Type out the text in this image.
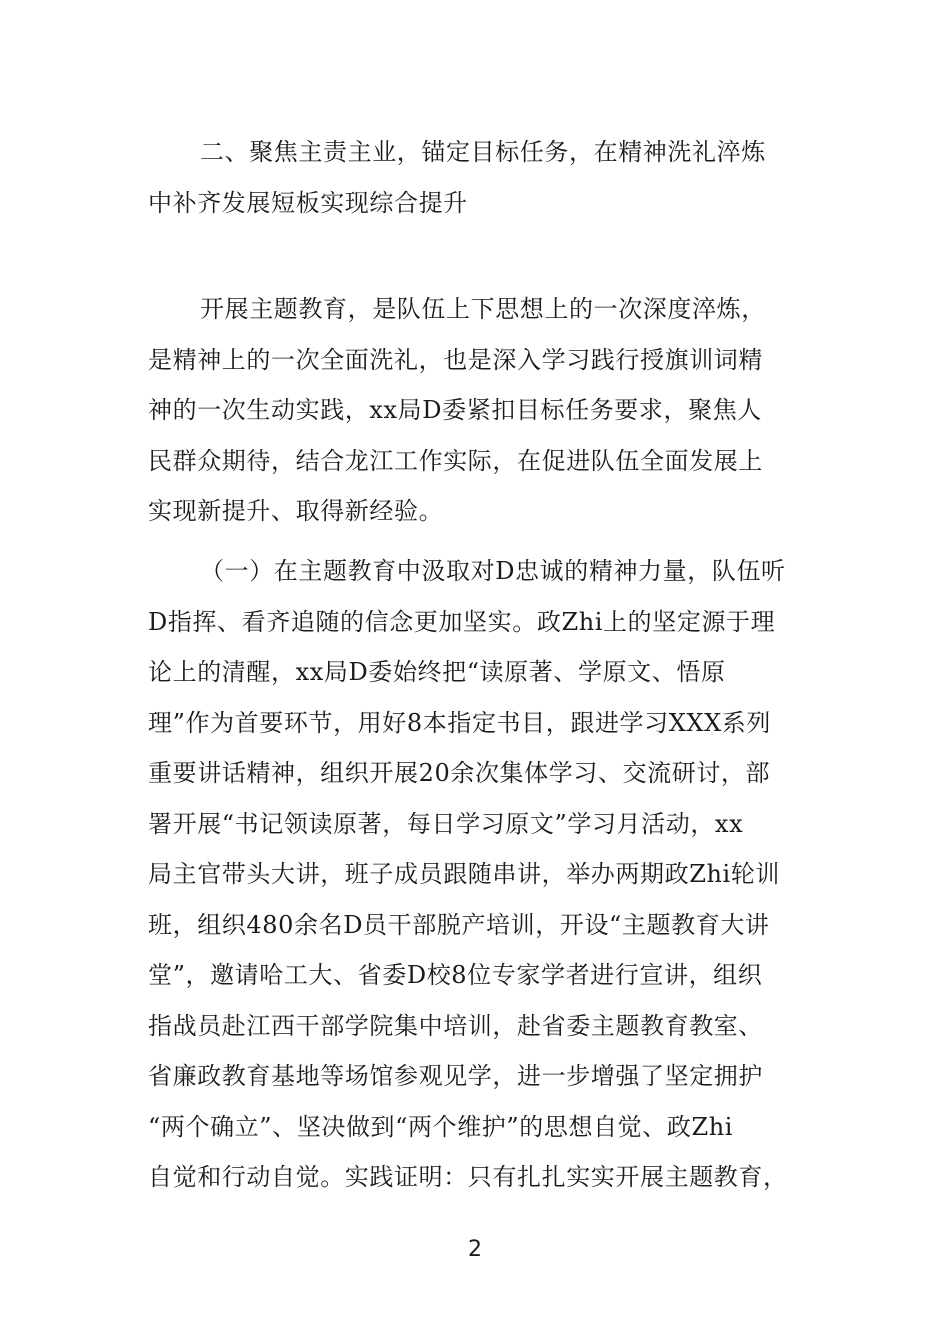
二、聚焦主责主业，锚定目标任务，在精神洗礼淬炼
中补齐发展短板实现综合提升
开展主题教育，是队伍上下思想上的一次深度淬炼，
是精神上的一次全面洗礼，也是深入学习践行授旗训词精
神的一次生动实践，xx局D委紧扣目标任务要求，聚焦人
民群众期待，结合龙江工作实际，在促进队伍全面发展上
实现新提升、取得新经验。
（一）在主题教育中汲取对D忠诚的精神力量，队伍听
D指挥、看齐追随的信念更加坚实。政Zhi上的坚定源于理
论上的清醒，xx局D委始终把“读原著、学原文、悟原
理”作为首要环节，用好8本指定书目，跟进学习XXX系列
重要讲话精神，组织开展20余次集体学习、交流研讨，部
署开展“书记领读原著，每日学习原文”学习月活动，xx
局主官带头大讲，班子成员跟随串讲，举办两期政Zhi轮训
班，组织480余名D员干部脱产培训，开设“主题教育大讲
堂”，邀请哈工大、省委D校8位专家学者进行宣讲，组织
指战员赴江西干部学院集中培训，赴省委主题教育教室、
省廉政教育基地等场馆参观见学，进一步增强了坚定拥护
“两个确立”、坚决做到“两个维护”的思想自觉、政Zhi
自觉和行动自觉。实践证明：只有扎扎实实开展主题教育，
2
